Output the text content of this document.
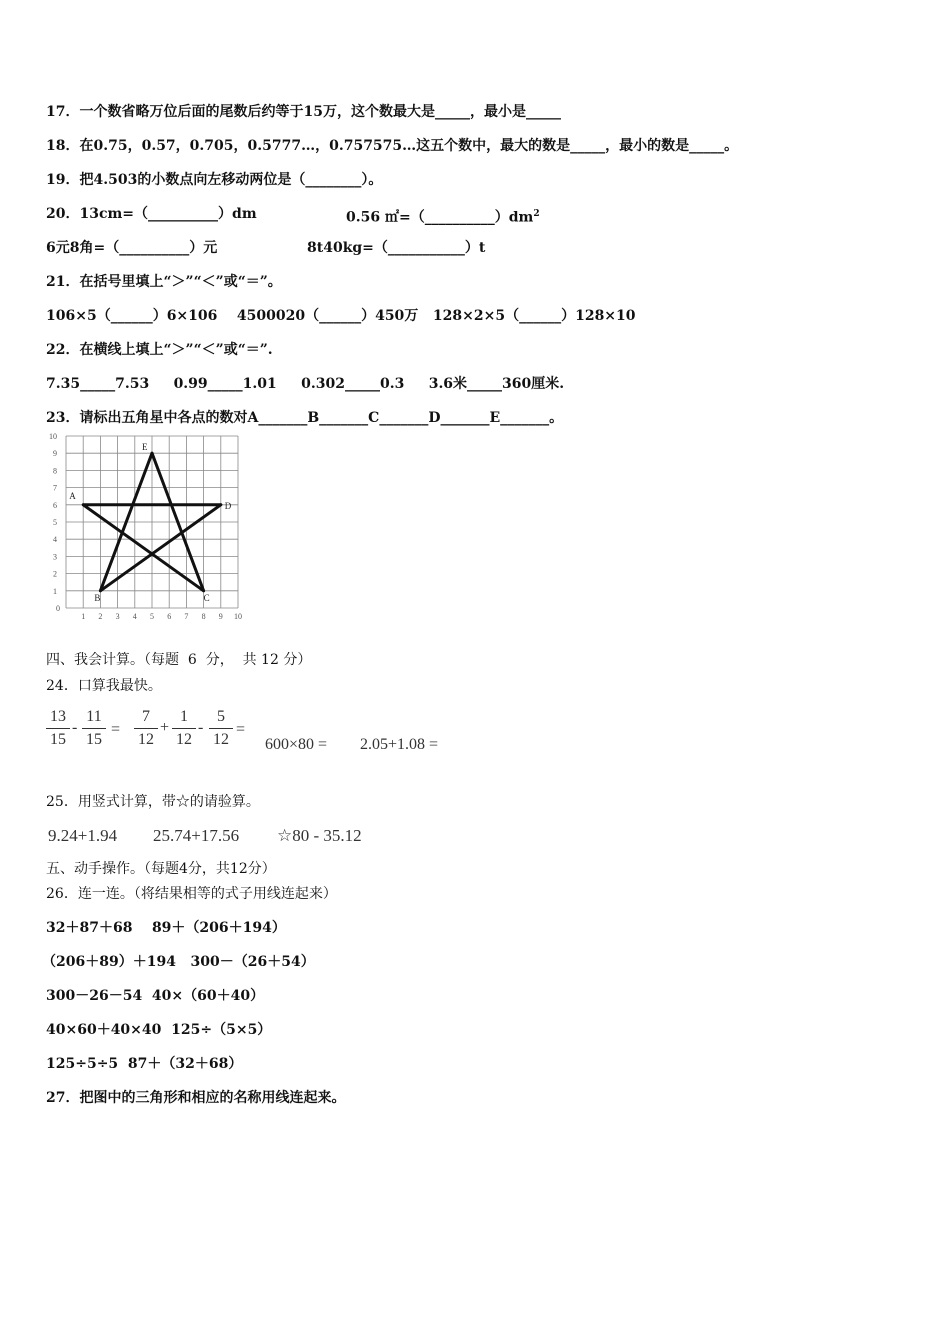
17．一个数省略万位后面的尾数后约等于15万，这个数最大是_____，最小是_____
18．在0.75，0.57，0.705，0.5777…，0.757575…这五个数中，最大的数是_____，最小的数是_____。
19．把4.503的小数点向左移动两位是（________）。
20．13cm=（__________）dm	0.56 $㎡=(\_\_\_\_\_\_\_\_\_\_)dm^2$
6元8角=（__________）元	8t40kg=（___________）t
21．在括号里填上“＞”“＜”或“＝”。
106×5（______）6×106    4500020（______）450万   128×2×5（______）128×10
22．在横线上填上“＞”“＜”或“＝”.
7.35_____7.53     0.99_____1.01     0.302_____0.3     3.6米_____360厘米.
23．请标出五角星中各点的数对A_______B_______C_______D_______E_______。
1 2 3 4 5 6 7 8 9 10
1
2
3
4
5
6
7
8
9
10
0
A
B	C
D
E
四、我会计算。（每题  6  分，  共 12 分）
24．口算我最快。
13
15
-
11
15
=
7
12
+
1
12
-
5
12
=
600×80 = 2.05+1.08 =
25．用竖式计算，带☆的请验算。
9.24+1.94 25.74+17.56 ☆80 - 35.12
五、动手操作。（每题4分，共12分）
26．连一连。（将结果相等的式子用线连起来）
32＋87＋68    89＋（206＋194）
（206＋89）＋194   300－（26＋54）
300－26－54  40×（60＋40）
40×60＋40×40  125÷（5×5）
125÷5÷5  87＋（32＋68）
27．把图中的三角形和相应的名称用线连起来。
